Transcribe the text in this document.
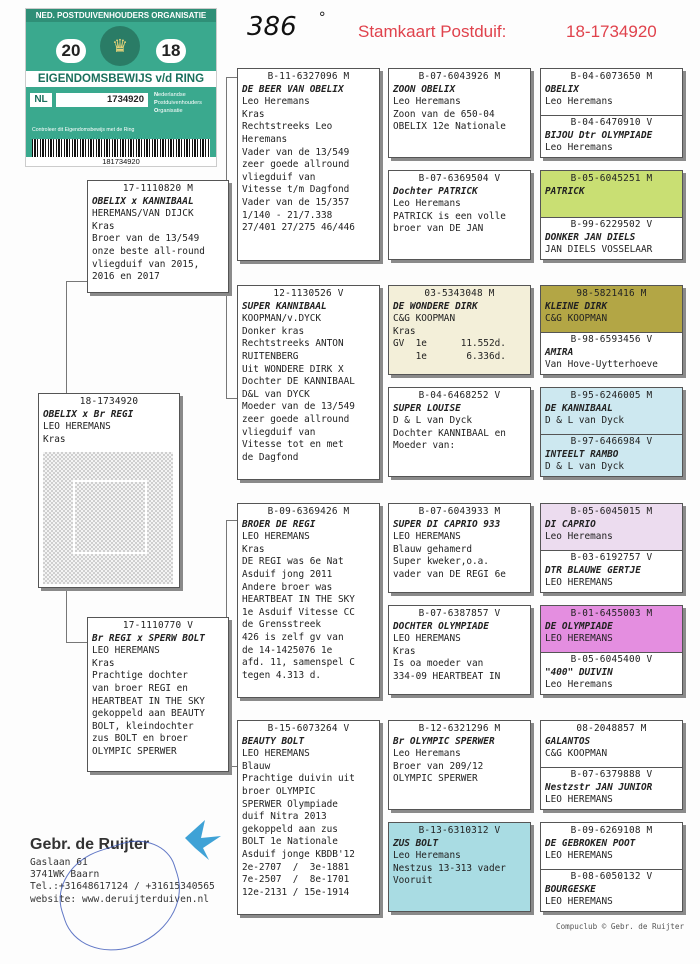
386 °
Stamkaart Postduif:	18-1734920
NED. POSTDUIVENHOUDERS ORGANISATIE
20	18
♛
EIGENDOMSBEWIJS v/d RING
NL	1734920	Nederlandse
Postduivenhouders
Organisatie
Controleer dit Eigendomsbewijs met de Ring
181734920
18-1734920
OBELIX x Br REGI
LEO HEREMANS
Kras
17-1110820 M
OBELIX x KANNIBAAL
HEREMANS/VAN DIJCK
Kras
Broer van de 13/549
onze beste all-round
vliegduif van 2015,
2016 en 2017
17-1110770 V
Br REGI x SPERW BOLT
LEO HEREMANS
Kras
Prachtige dochter
van broer REGI en
HEARTBEAT IN THE SKY
gekoppeld aan BEAUTY
BOLT, kleindochter
zus BOLT en broer
OLYMPIC SPERWER
B-11-6327096 M
DE BEER VAN OBELIX
Leo Heremans
Kras
Rechtstreeks Leo
Heremans
Vader van de 13/549
zeer goede allround
vliegduif van
Vitesse t/m Dagfond
Vader van de 15/357
1/140 - 21/7.338
27/401 27/275 46/446
12-1130526 V
SUPER KANNIBAAL
KOOPMAN/v.DYCK
Donker kras
Rechtstreeks ANTON
RUITENBERG
Uit WONDERE DIRK X
Dochter DE KANNIBAAL
D&L van DYCK
Moeder van de 13/549
zeer goede allround
vliegduif van
Vitesse tot en met
de Dagfond
B-09-6369426 M
BROER DE REGI
LEO HEREMANS
Kras
DE REGI was 6e Nat
Asduif jong 2011
Andere broer was
HEARTBEAT IN THE SKY
1e Asduif Vitesse CC
de Grensstreek
426 is zelf gv van
de 14-1425076 1e
afd. 11, samenspel C
tegen 4.313 d.
B-15-6073264 V
BEAUTY BOLT
LEO HEREMANS
Blauw
Prachtige duivin uit
broer OLYMPIC
SPERWER Olympiade
duif Nitra 2013
gekoppeld aan zus
BOLT 1e Nationale
Asduif jonge KBDB'12
2e-2707  /  3e-1881
7e-2507  /  8e-1701
12e-2131 / 15e-1914
B-07-6043926 M
ZOON OBELIX
Leo Heremans
Zoon van de 650-04
OBELIX 12e Nationale
B-07-6369504 V
Dochter PATRICK
Leo Heremans
PATRICK is een volle
broer van DE JAN
03-5343048 M
DE WONDERE DIRK
C&G KOOPMAN
Kras
GV  1e      11.552d.
1e       6.336d.
B-04-6468252 V
SUPER LOUISE
D & L van Dyck
Dochter KANNIBAAL en
Moeder van:
B-07-6043933 M
SUPER DI CAPRIO 933
LEO HEREMANS
Blauw gehamerd
Super kweker,o.a.
vader van DE REGI 6e
B-07-6387857 V
DOCHTER OLYMPIADE
LEO HEREMANS
Kras
Is oa moeder van
334-09 HEARTBEAT IN
B-12-6321296 M
Br OLYMPIC SPERWER
Leo Heremans
Broer van 209/12
OLYMPIC SPERWER
B-13-6310312 V
ZUS BOLT
Leo Heremans
Nestzus 13-313 vader
Vooruit
B-04-6073650 M
OBELIX
Leo Heremans
B-04-6470910 V
BIJOU Dtr OLYMPIADE
Leo Heremans
B-05-6045251 M
PATRICK
B-99-6229502 V
DONKER JAN DIELS
JAN DIELS VOSSELAAR
98-5821416 M
KLEINE DIRK
C&G KOOPMAN
B-98-6593456 V
AMIRA
Van Hove-Uytterhoeve
B-95-6246005 M
DE KANNIBAAL
D & L van Dyck
B-97-6466984 V
INTEELT RAMBO
D & L van Dyck
B-05-6045015 M
DI CAPRIO
Leo Heremans
B-03-6192757 V
DTR BLAUWE GERTJE
LEO HEREMANS
B-01-6455003 M
DE OLYMPIADE
LEO HEREMANS
B-05-6045400 V
"400" DUIVIN
Leo Heremans
08-2048857 M
GALANTOS
C&G KOOPMAN
B-07-6379888 V
Nestzstr JAN JUNIOR
LEO HEREMANS
B-09-6269108 M
DE GEBROKEN POOT
LEO HEREMANS
B-08-6050132 V
BOURGESKE
LEO HEREMANS
Gebr. de Ruijter
Gaslaan 61
3741WK Baarn
Tel.:+31648617124 / +31615340565
website: www.deruijterduiven.nl
Compuclub © Gebr. de Ruijter
